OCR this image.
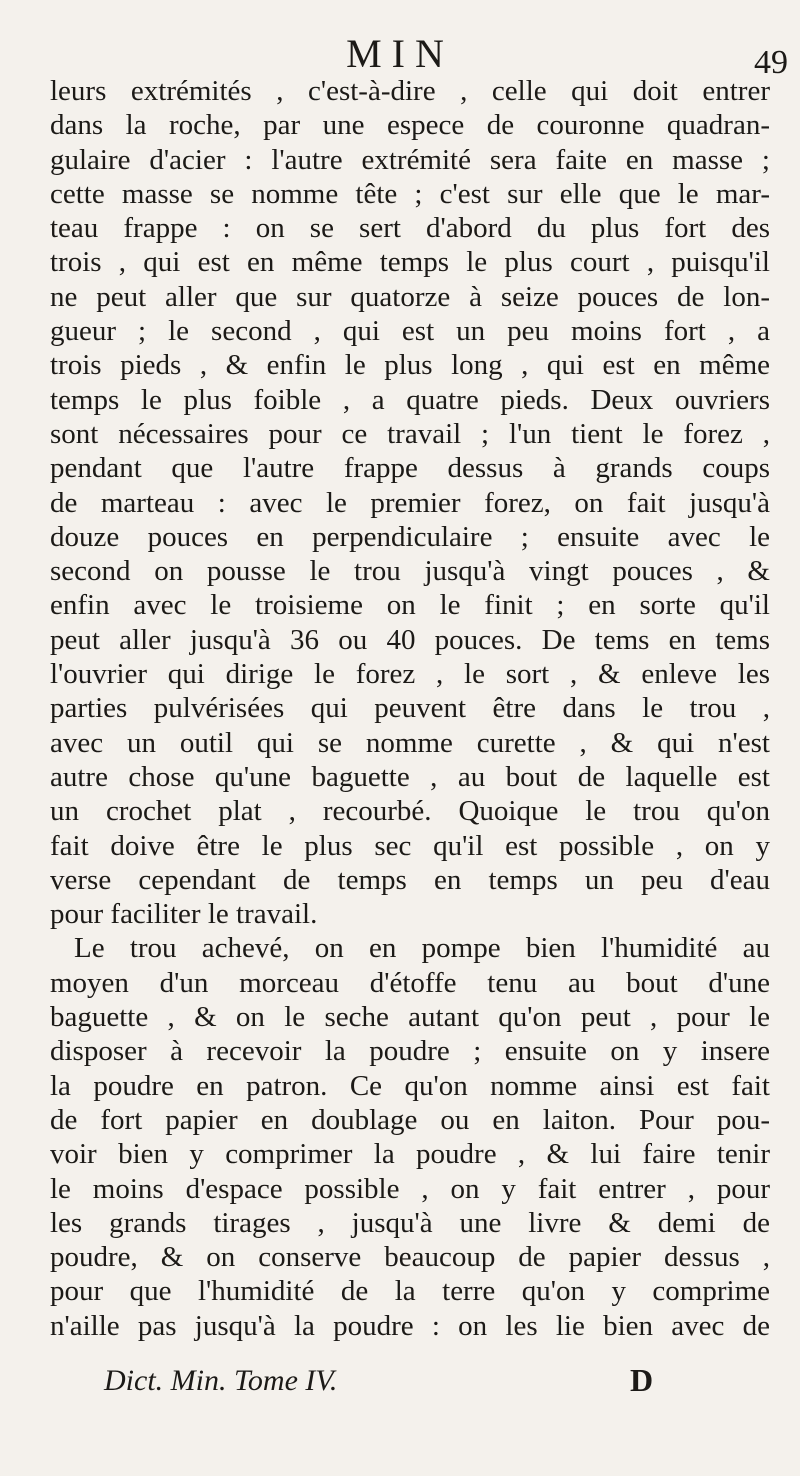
MIN	49
leurs extrémités , c'est-à-dire , celle qui doit entrer
dans la roche, par une espece de couronne quadran-
gulaire d'acier : l'autre extrémité sera faite en masse ;
cette masse se nomme tête ; c'est sur elle que le mar-
teau frappe : on se sert d'abord du plus fort des
trois , qui est en même temps le plus court , puisqu'il
ne peut aller que sur quatorze à seize pouces de lon-
gueur ; le second , qui est un peu moins fort , a
trois pieds , & enfin le plus long , qui est en même
temps le plus foible , a quatre pieds. Deux ouvriers
sont nécessaires pour ce travail ; l'un tient le forez ,
pendant que l'autre frappe dessus à grands coups
de marteau : avec le premier forez, on fait jusqu'à
douze pouces en perpendiculaire ; ensuite avec le
second on pousse le trou jusqu'à vingt pouces , &
enfin avec le troisieme on le finit ; en sorte qu'il
peut aller jusqu'à 36 ou 40 pouces. De tems en tems
l'ouvrier qui dirige le forez , le sort , & enleve les
parties pulvérisées qui peuvent être dans le trou ,
avec un outil qui se nomme curette , & qui n'est
autre chose qu'une baguette , au bout de laquelle est
un crochet plat , recourbé. Quoique le trou qu'on
fait doive être le plus sec qu'il est possible , on y
verse cependant de temps en temps un peu d'eau
pour faciliter le travail.
Le trou achevé, on en pompe bien l'humidité au
moyen d'un morceau d'étoffe tenu au bout d'une
baguette , & on le seche autant qu'on peut , pour le
disposer à recevoir la poudre ; ensuite on y insere
la poudre en patron. Ce qu'on nomme ainsi est fait
de fort papier en doublage ou en laiton. Pour pou-
voir bien y comprimer la poudre , & lui faire tenir
le moins d'espace possible , on y fait entrer , pour
les grands tirages , jusqu'à une livre & demi de
poudre, & on conserve beaucoup de papier dessus ,
pour que l'humidité de la terre qu'on y comprime
n'aille pas jusqu'à la poudre : on les lie bien avec de
Dict. Min. Tome IV.	D
